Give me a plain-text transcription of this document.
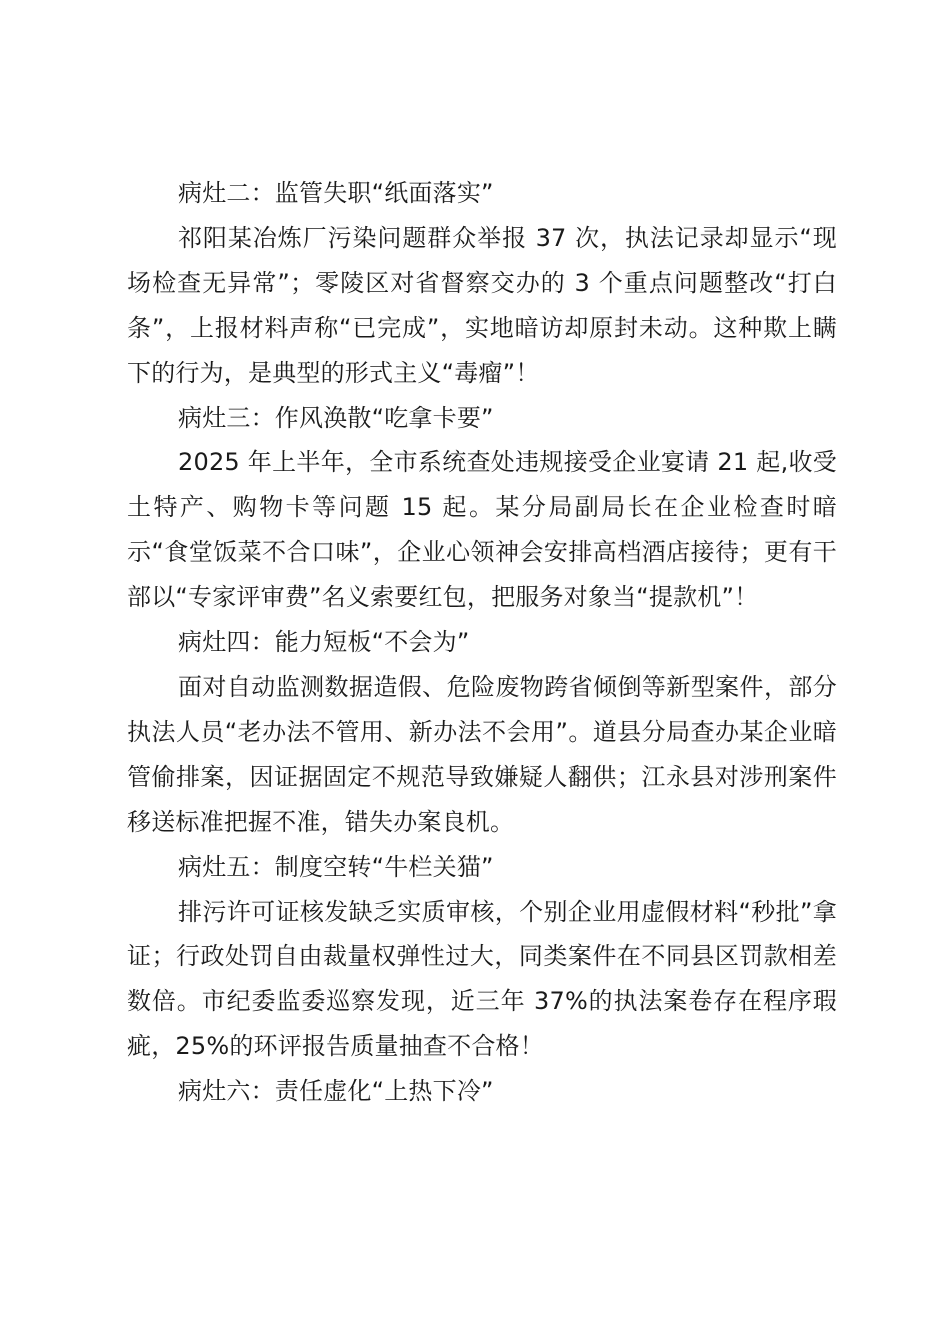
病灶二：监管失职“纸面落实”

祁阳某冶炼厂污染问题群众举报 37 次，执法记录却显示“现场检查无异常”；零陵区对省督察交办的 3 个重点问题整改“打白条”，上报材料声称“已完成”，实地暗访却原封未动。这种欺上瞒下的行为，是典型的形式主义“毒瘤”！

病灶三：作风涣散“吃拿卡要”

2025 年上半年，全市系统查处违规接受企业宴请 21 起,收受土特产、购物卡等问题 15 起。某分局副局长在企业检查时暗示“食堂饭菜不合口味”，企业心领神会安排高档酒店接待；更有干部以“专家评审费”名义索要红包，把服务对象当“提款机”！

病灶四：能力短板“不会为”

面对自动监测数据造假、危险废物跨省倾倒等新型案件，部分执法人员“老办法不管用、新办法不会用”。道县分局查办某企业暗管偷排案，因证据固定不规范导致嫌疑人翻供；江永县对涉刑案件移送标准把握不准，错失办案良机。

病灶五：制度空转“牛栏关猫”

排污许可证核发缺乏实质审核，个别企业用虚假材料“秒批”拿证；行政处罚自由裁量权弹性过大，同类案件在不同县区罚款相差数倍。市纪委监委巡察发现，近三年 37%的执法案卷存在程序瑕疵，25%的环评报告质量抽查不合格！

病灶六：责任虚化“上热下冷”
